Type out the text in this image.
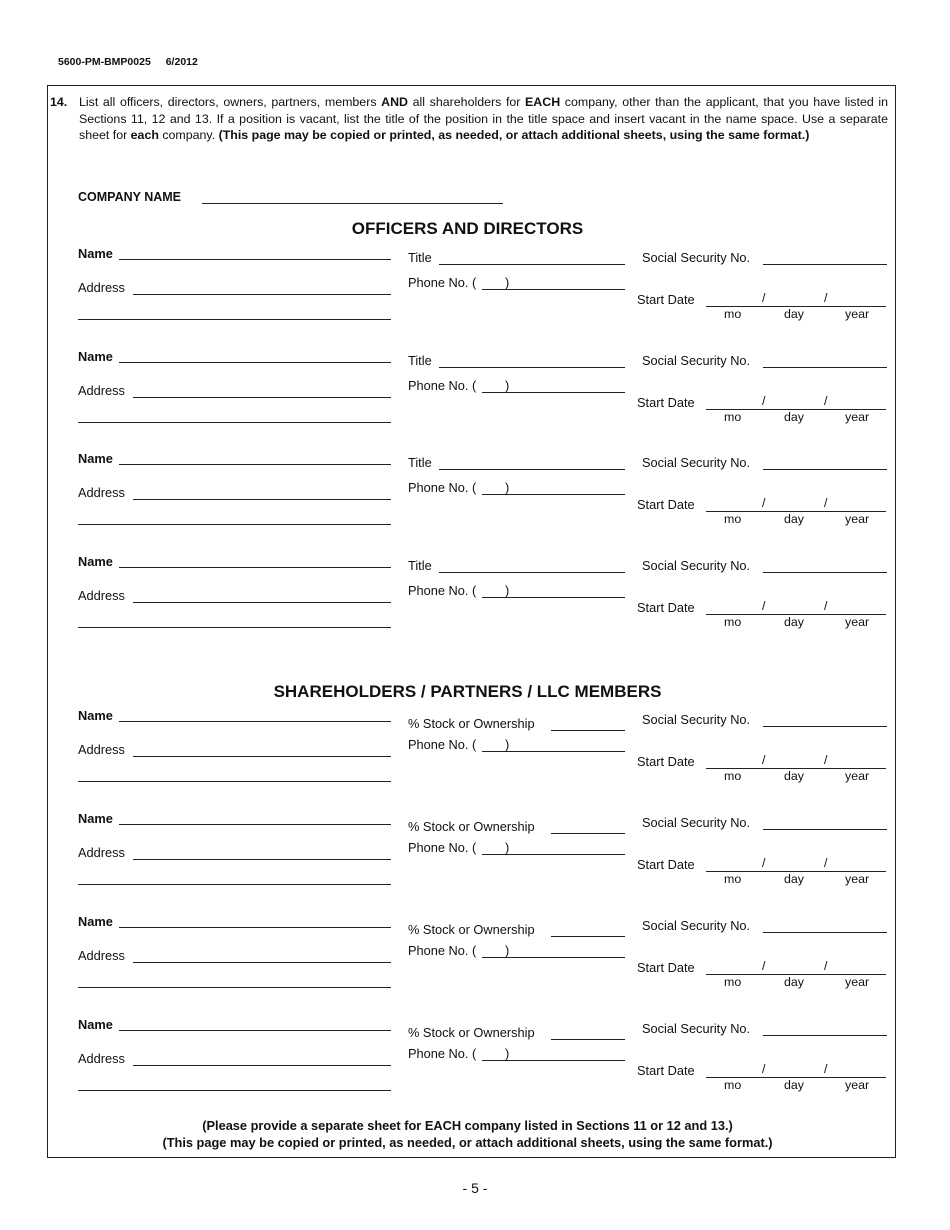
5600-PM-BMP0025 6/2012
14. List all officers, directors, owners, partners, members AND all shareholders for EACH company, other than the applicant, that you have listed in Sections 11, 12 and 13. If a position is vacant, list the title of the position in the title space and insert vacant in the name space. Use a separate sheet for each company. (This page may be copied or printed, as needed, or attach additional sheets, using the same format.)
COMPANY NAME
OFFICERS AND DIRECTORS
SHAREHOLDERS / PARTNERS / LLC MEMBERS
Name
Address
Title
Phone No. ( )
Social Security No.
Start Date	/	/
mo	day	year
Name
Address
Title
Phone No. ( )
Social Security No.
Start Date	/	/
mo	day	year
Name
Address
Title
Phone No. ( )
Social Security No.
Start Date	/	/
mo	day	year
Name
Address
Title
Phone No. ( )
Social Security No.
Start Date	/	/
mo	day	year
Name
Address
% Stock or Ownership
Phone No. ( )
Social Security No.
Start Date	/	/
mo	day	year
Name
Address
% Stock or Ownership
Phone No. ( )
Social Security No.
Start Date	/	/
mo	day	year
Name
Address
% Stock or Ownership
Phone No. ( )
Social Security No.
Start Date	/	/
mo	day	year
Name
Address
% Stock or Ownership
Phone No. ( )
Social Security No.
Start Date	/	/
mo	day	year
(Please provide a separate sheet for EACH company listed in Sections 11 or 12 and 13.)
(This page may be copied or printed, as needed, or attach additional sheets, using the same format.)
- 5 -
